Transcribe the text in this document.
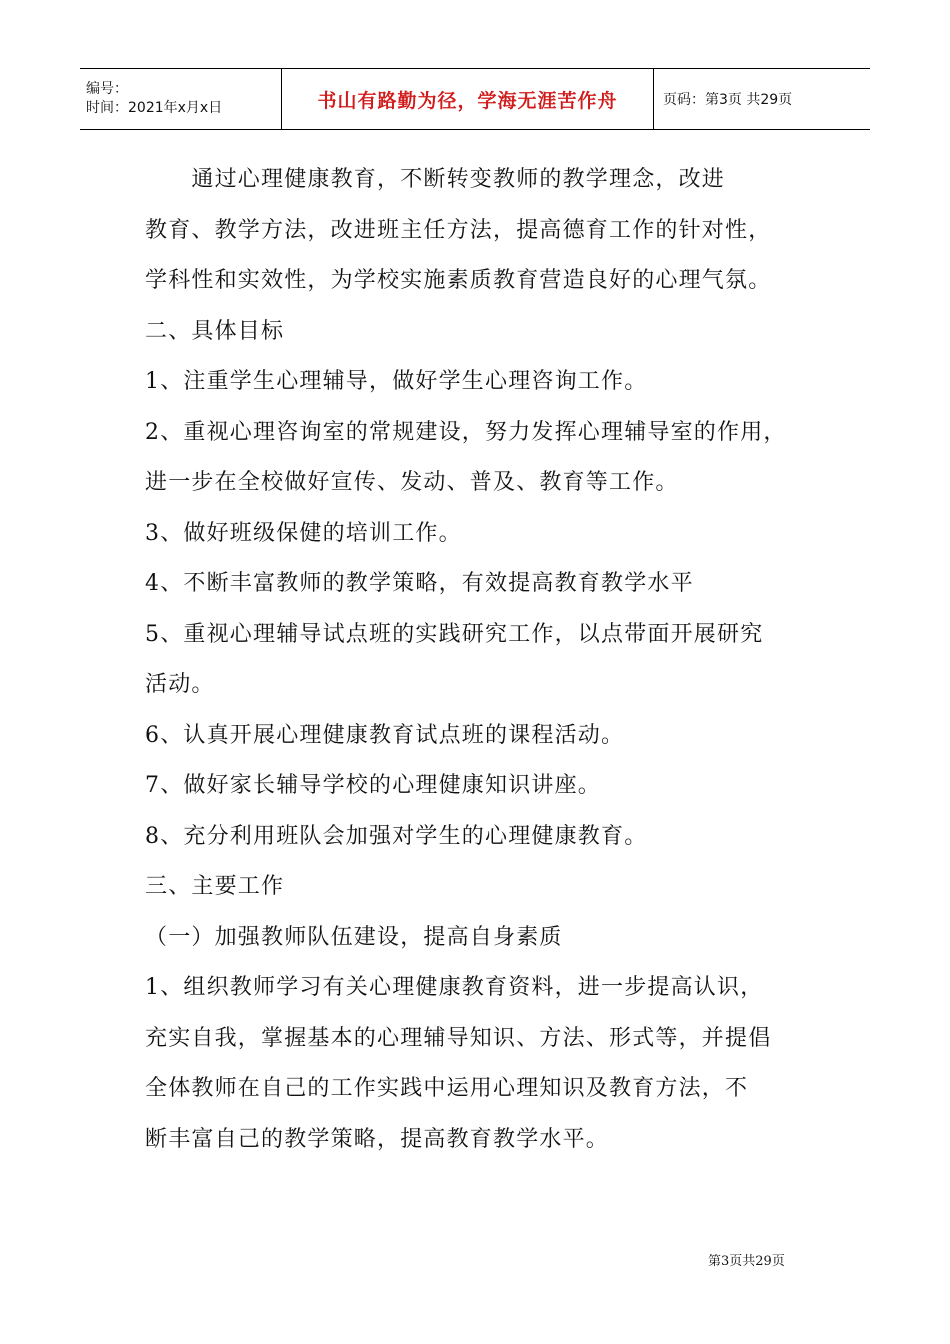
编号：
时间：2021年x月x日	书山有路勤为径，学海无涯苦作舟	页码：第3页 共29页

　　通过心理健康教育，不断转变教师的教学理念，改进

教育、教学方法，改进班主任方法，提高德育工作的针对性，

学科性和实效性，为学校实施素质教育营造良好的心理气氛。

二、具体目标

1、注重学生心理辅导，做好学生心理咨询工作。

2、重视心理咨询室的常规建设，努力发挥心理辅导室的作用，

进一步在全校做好宣传、发动、普及、教育等工作。

3、做好班级保健的培训工作。

4、不断丰富教师的教学策略，有效提高教育教学水平

5、重视心理辅导试点班的实践研究工作，以点带面开展研究

活动。

6、认真开展心理健康教育试点班的课程活动。

7、做好家长辅导学校的心理健康知识讲座。

8、充分利用班队会加强对学生的心理健康教育。

三、主要工作

（一）加强教师队伍建设，提高自身素质

1、组织教师学习有关心理健康教育资料，进一步提高认识，

充实自我，掌握基本的心理辅导知识、方法、形式等，并提倡

全体教师在自己的工作实践中运用心理知识及教育方法，不

断丰富自己的教学策略，提高教育教学水平。

第3页共29页
